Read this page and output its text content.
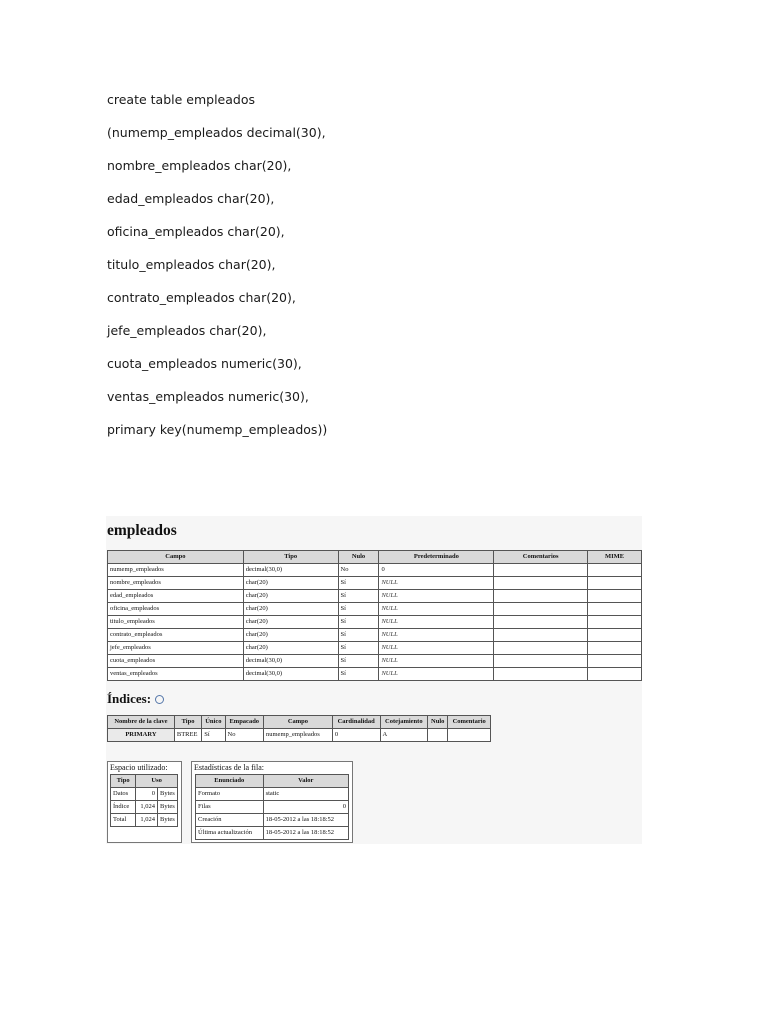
create table empleados
(numemp_empleados decimal(30),
nombre_empleados char(20),
edad_empleados char(20),
oficina_empleados char(20),
titulo_empleados char(20),
contrato_empleados char(20),
jefe_empleados char(20),
cuota_empleados numeric(30),
ventas_empleados numeric(30),
primary key(numemp_empleados))
empleados
Campo	Tipo	Nulo	Predeterminado	Comentarios	MIME
numemp_empleados	decimal(30,0)	No	0		
nombre_empleados	char(20)	Sí	NULL		
edad_empleados	char(20)	Sí	NULL		
oficina_empleados	char(20)	Sí	NULL		
titulo_empleados	char(20)	Sí	NULL		
contrato_empleados	char(20)	Sí	NULL		
jefe_empleados	char(20)	Sí	NULL		
cuota_empleados	decimal(30,0)	Sí	NULL		
ventas_empleados	decimal(30,0)	Sí	NULL		
Índices:
Nombre de la clave	Tipo	Único	Empacado	Campo	Cardinalidad	Cotejamiento	Nulo	Comentario
PRIMARY	BTREE	Sí	No	numemp_empleados	0	A		
Espacio utilizado:
Tipo	Uso	
Datos	0	Bytes
Índice	1,024	Bytes
Total	1,024	Bytes
Estadísticas de la fila:
Enunciado	Valor
Formato	static
Filas	0
Creación	18-05-2012 a las 18:18:52
Última actualización	18-05-2012 a las 18:18:52
